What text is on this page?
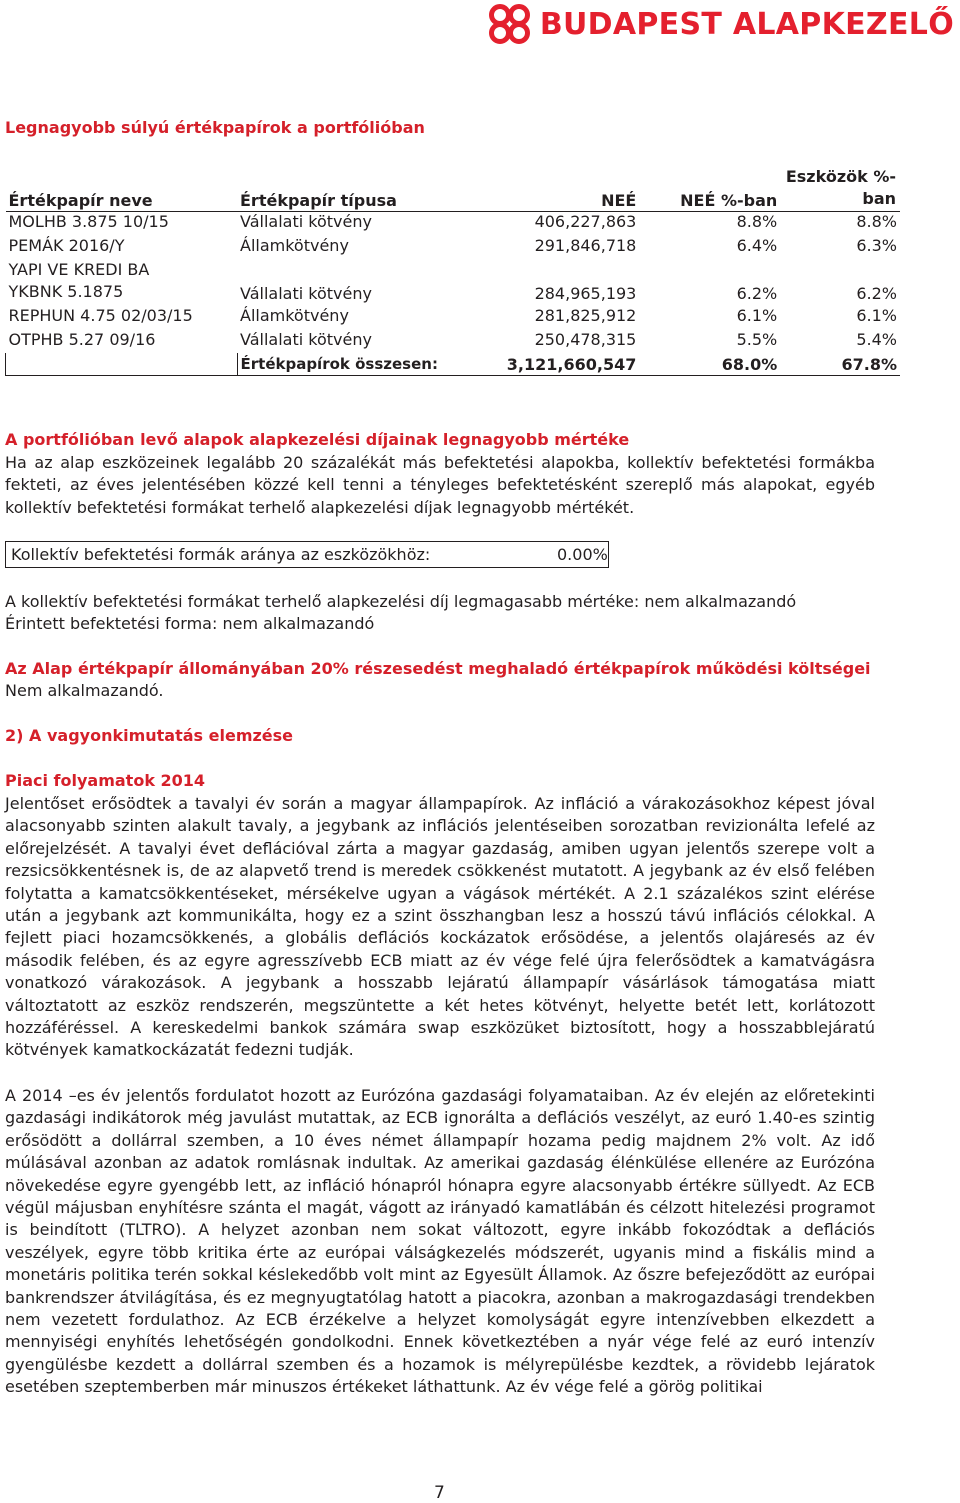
BUDAPEST ALAPKEZELŐ
Legnagyobb súlyú értékpapírok a portfólióban
Értékpapír neve	Értékpapír típusa	NEÉ	NEÉ %-ban	Eszközök %-ban
MOLHB 3.875 10/15	Vállalati kötvény	406,227,863	8.8%	8.8%
PEMÁK 2016/Y	Államkötvény	291,846,718	6.4%	6.3%
YAPI VE KREDI BA YKBNK 5.1875	Vállalati kötvény	284,965,193	6.2%	6.2%
REPHUN 4.75 02/03/15	Államkötvény	281,825,912	6.1%	6.1%
OTPHB 5.27 09/16	Vállalati kötvény	250,478,315	5.5%	5.4%
	Értékpapírok összesen:	3,121,660,547	68.0%	67.8%
A portfólióban levő alapok alapkezelési díjainak legnagyobb mértéke

Ha az alap eszközeinek legalább 20 százalékát más befektetési alapokba, kollektív befektetési formákba fekteti, az éves jelentésében közzé kell tenni a tényleges befektetésként szereplő más alapokat, egyéb kollektív befektetési formákat terhelő alapkezelési díjak legnagyobb mértékét.

Kollektív befektetési formák aránya az eszközökhöz:	0.00%

A kollektív befektetési formákat terhelő alapkezelési díj legmagasabb mértéke: nem alkalmazandó

Érintett befektetési forma: nem alkalmazandó

Az Alap értékpapír állományában 20% részesedést meghaladó értékpapírok működési költségei

Nem alkalmazandó.

2) A vagyonkimutatás elemzése
Piaci folyamatok 2014

Jelentőset erősödtek a tavalyi év során a magyar állampapírok. Az infláció a várakozásokhoz képest jóval alacsonyabb szinten alakult tavaly, a jegybank az inflációs jelentéseiben sorozatban revizionálta lefelé az előrejelzését. A tavalyi évet deflációval zárta a magyar gazdaság, amiben ugyan jelentős szerepe volt a rezsicsökkentésnek is, de az alapvető trend is meredek csökkenést mutatott. A jegybank az év első felében folytatta a kamatcsökkentéseket, mérsékelve ugyan a vágások mértékét. A 2.1 százalékos szint elérése után a jegybank azt kommunikálta, hogy ez a szint összhangban lesz a hosszú távú inflációs célokkal. A fejlett piaci hozamcsökkenés, a globális deflációs kockázatok erősödése, a jelentős olajáresés az év második felében, és az egyre agresszívebb ECB miatt az év vége felé újra felerősödtek a kamatvágásra vonatkozó várakozások. A jegybank a hosszabb lejáratú állampapír vásárlások támogatása miatt változtatott az eszköz rendszerén, megszüntette a két hetes kötvényt, helyette betét lett, korlátozott hozzáféréssel. A kereskedelmi bankok számára swap eszközüket biztosított, hogy a hosszabblejáratú kötvények kamatkockázatát fedezni tudják.

A 2014 –es év jelentős fordulatot hozott az Eurózóna gazdasági folyamataiban. Az év elején az előretekinti gazdasági indikátorok még javulást mutattak, az ECB ignorálta a deflációs veszélyt, az euró 1.40-es szintig erősödött a dollárral szemben, a 10 éves német állampapír hozama pedig majdnem 2% volt. Az idő múlásával azonban az adatok romlásnak indultak. Az amerikai gazdaság élénkülése ellenére az Eurózóna növekedése egyre gyengébb lett, az infláció hónapról hónapra egyre alacsonyabb értékre süllyedt. Az ECB végül májusban enyhítésre szánta el magát, vágott az irányadó kamatlábán és célzott hitelezési programot is beindított (TLTRO). A helyzet azonban nem sokat változott, egyre inkább fokozódtak a deflációs veszélyek, egyre több kritika érte az európai válságkezelés módszerét, ugyanis mind a fiskális mind a monetáris politika terén sokkal késlekedőbb volt mint az Egyesült Államok. Az őszre befejeződött az európai bankrendszer átvilágítása, és ez megnyugtatólag hatott a piacokra, azonban a makrogazdasági trendekben nem vezetett fordulathoz. Az ECB érzékelve a helyzet komolyságát egyre intenzívebben elkezdett a mennyiségi enyhítés lehetőségén gondolkodni. Ennek következtében a nyár vége felé az euró intenzív gyengülésbe kezdett a dollárral szemben és a hozamok is mélyrepülésbe kezdtek, a rövidebb lejáratok esetében szeptemberben már minuszos értékeket láthattunk. Az év vége felé a görög politikai

7
